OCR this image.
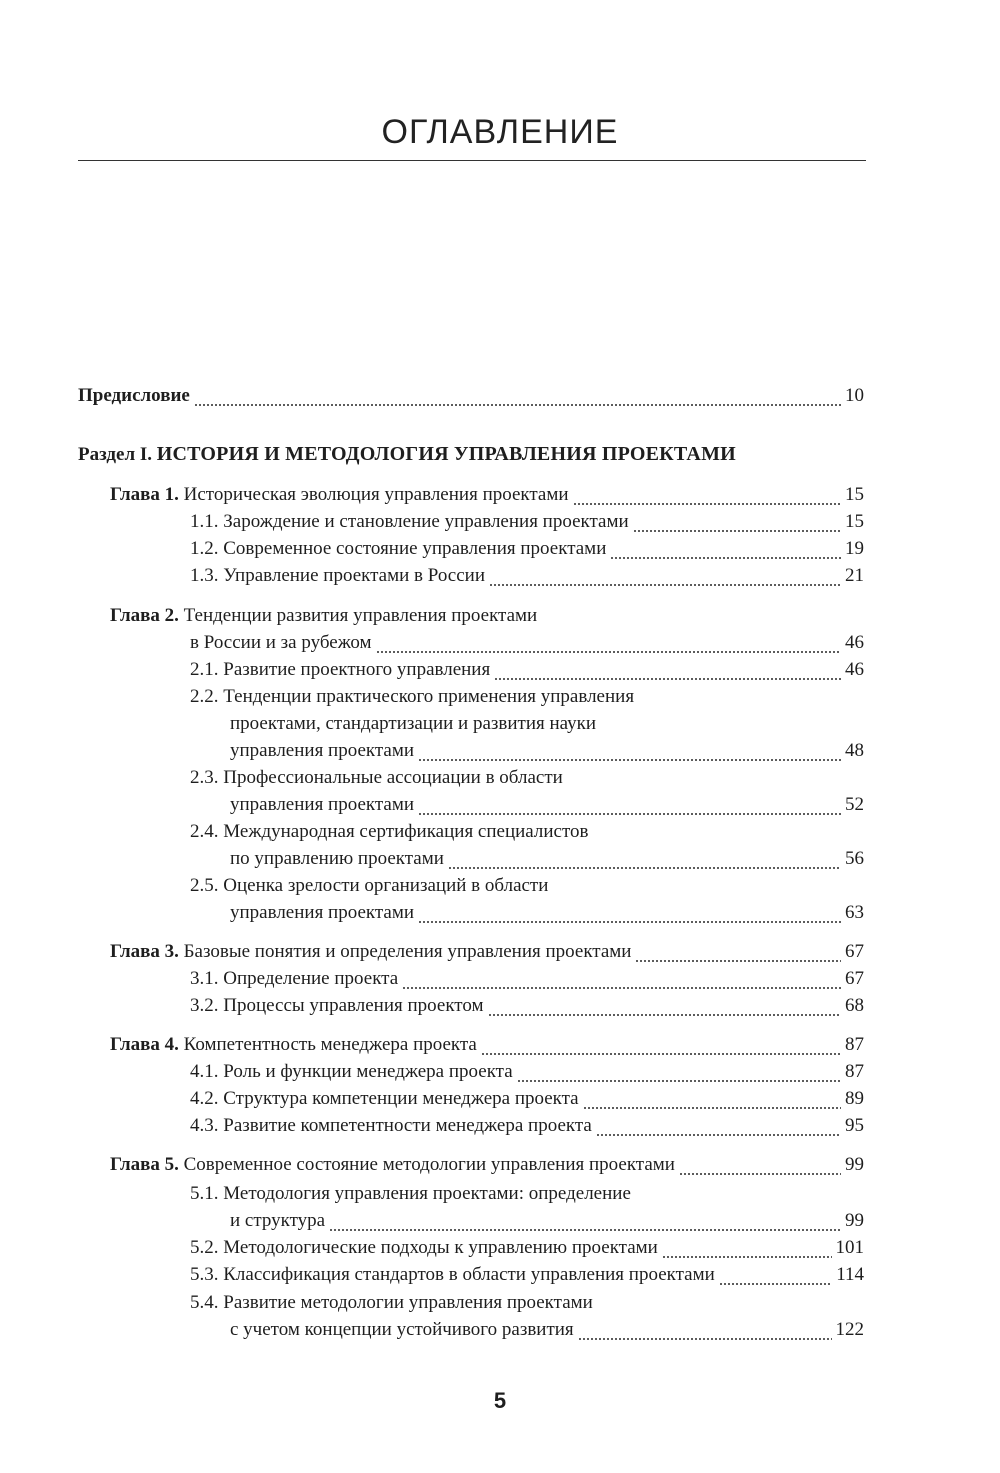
ОГЛАВЛЕНИЕ
Предисловие	10
Раздел I. ИСТОРИЯ И МЕТОДОЛОГИЯ УПРАВЛЕНИЯ ПРОЕКТАМИ
Глава 1. Историческая эволюция управления проектами	15
1.1. Зарождение и становление управления проектами	15
1.2. Современное состояние управления проектами	19
1.3. Управление проектами в России	21
Глава 2. Тенденции развития управления проектами
в России и за рубежом	46
2.1. Развитие проектного управления	46
2.2. Тенденции практического применения управления
проектами, стандартизации и развития науки
управления проектами	48
2.3. Профессиональные ассоциации в области
управления проектами	52
2.4. Международная сертификация специалистов
по управлению проектами	56
2.5. Оценка зрелости организаций в области
управления проектами	63
Глава 3. Базовые понятия и определения управления проектами	67
3.1. Определение проекта	67
3.2. Процессы управления проектом	68
Глава 4. Компетентность менеджера проекта	87
4.1. Роль и функции менеджера проекта	87
4.2. Структура компетенции менеджера проекта	89
4.3. Развитие компетентности менеджера проекта	95
Глава 5. Современное состояние методологии управления проектами	99
5.1. Методология управления проектами: определение
и структура	99
5.2. Методологические подходы к управлению проектами	101
5.3. Классификация стандартов в области управления проектами	114
5.4. Развитие методологии управления проектами
с учетом концепции устойчивого развития	122
5
